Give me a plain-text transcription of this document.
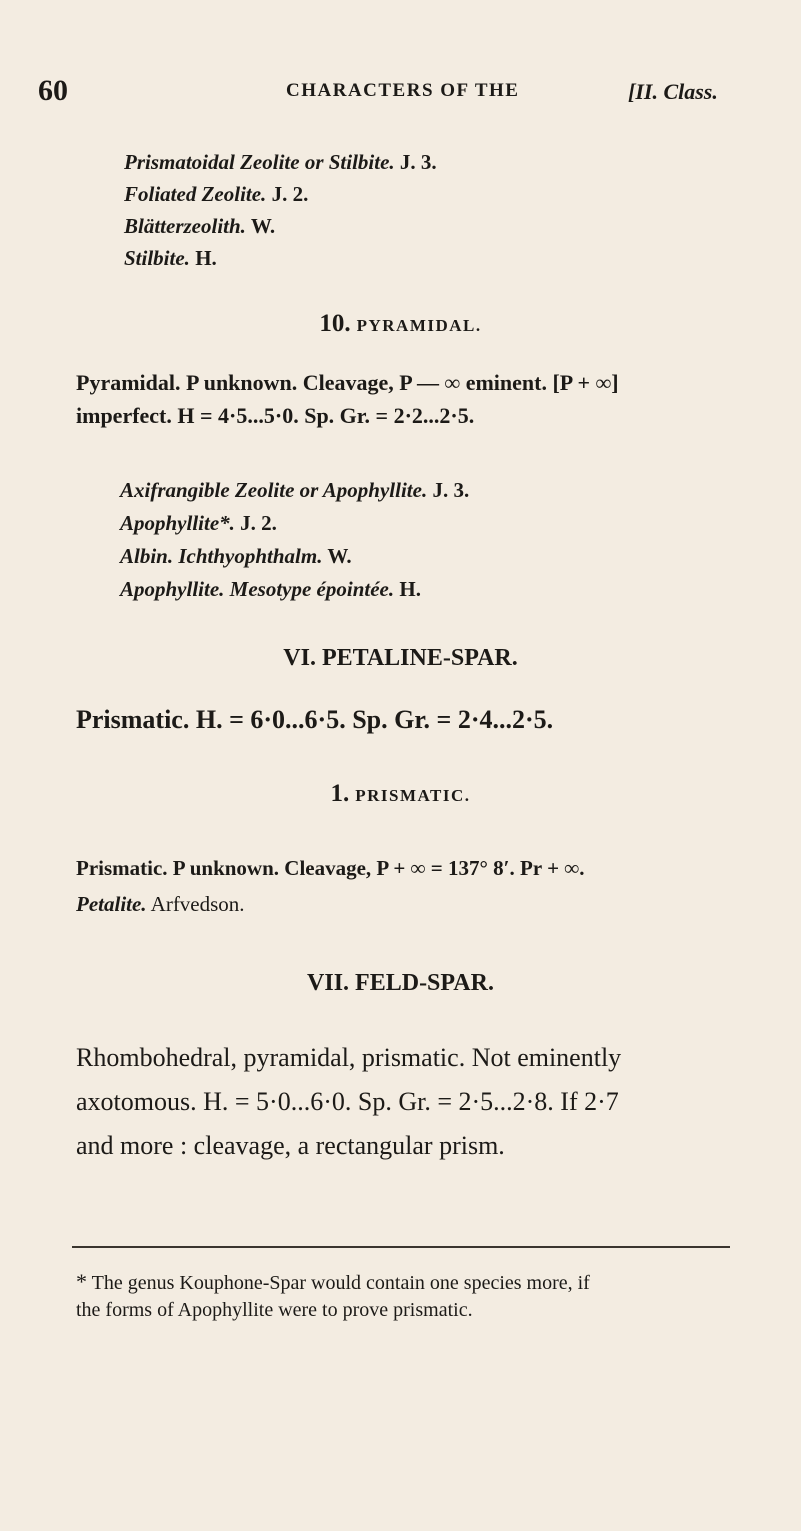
60	CHARACTERS OF THE	[II. Class.
Prismatoidal Zeolite or Stilbite. J. 3.
Foliated Zeolite. J. 2.
Blätterzeolith. W.
Stilbite. H.
10. PYRAMIDAL.
Pyramidal. P unknown. Cleavage, P — ∞ eminent. [P + ∞]
imperfect. H = 4·5...5·0. Sp. Gr. = 2·2...2·5.
Axifrangible Zeolite or Apophyllite. J. 3.
Apophyllite*. J. 2.
Albin. Ichthyophthalm. W.
Apophyllite. Mesotype épointée. H.
VI. PETALINE-SPAR.
Prismatic. H. = 6·0...6·5. Sp. Gr. = 2·4...2·5.
1. PRISMATIC.
Prismatic. P unknown. Cleavage, P + ∞ = 137° 8′. Pr + ∞.
Petalite. Arfvedson.
VII. FELD-SPAR.
Rhombohedral, pyramidal, prismatic. Not eminently
axotomous. H. = 5·0...6·0. Sp. Gr. = 2·5...2·8. If 2·7
and more : cleavage, a rectangular prism.
* The genus Kouphone-Spar would contain one species more, if
the forms of Apophyllite were to prove prismatic.
